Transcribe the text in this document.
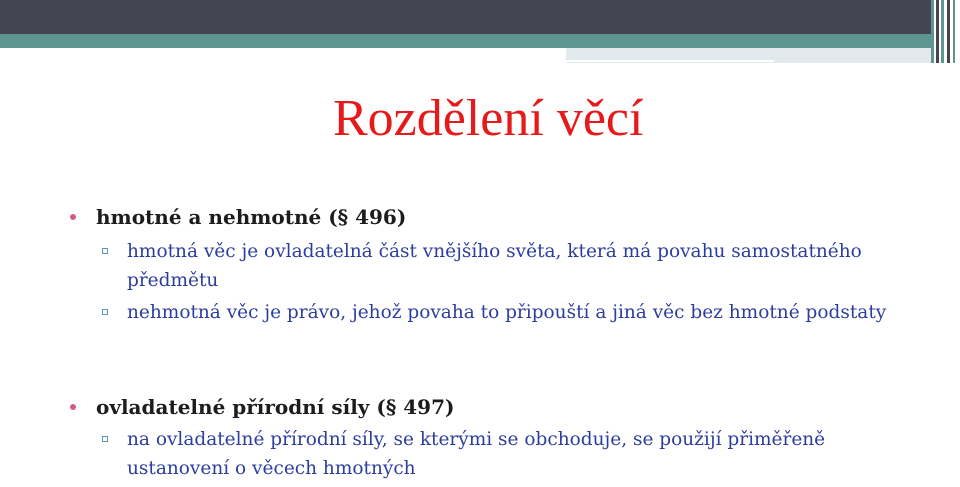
Rozdělení věcí
hmotné a nehmotné (§ 496)
hmotná věc je ovladatelná část vnějšího světa, která má povahu samostatného předmětu
nehmotná věc je právo, jehož povaha to připouští a jiná věc bez hmotné podstaty
ovladatelné přírodní síly (§ 497)
na ovladatelné přírodní síly, se kterými se obchoduje, se použijí přiměřeně ustanovení o věcech hmotných
